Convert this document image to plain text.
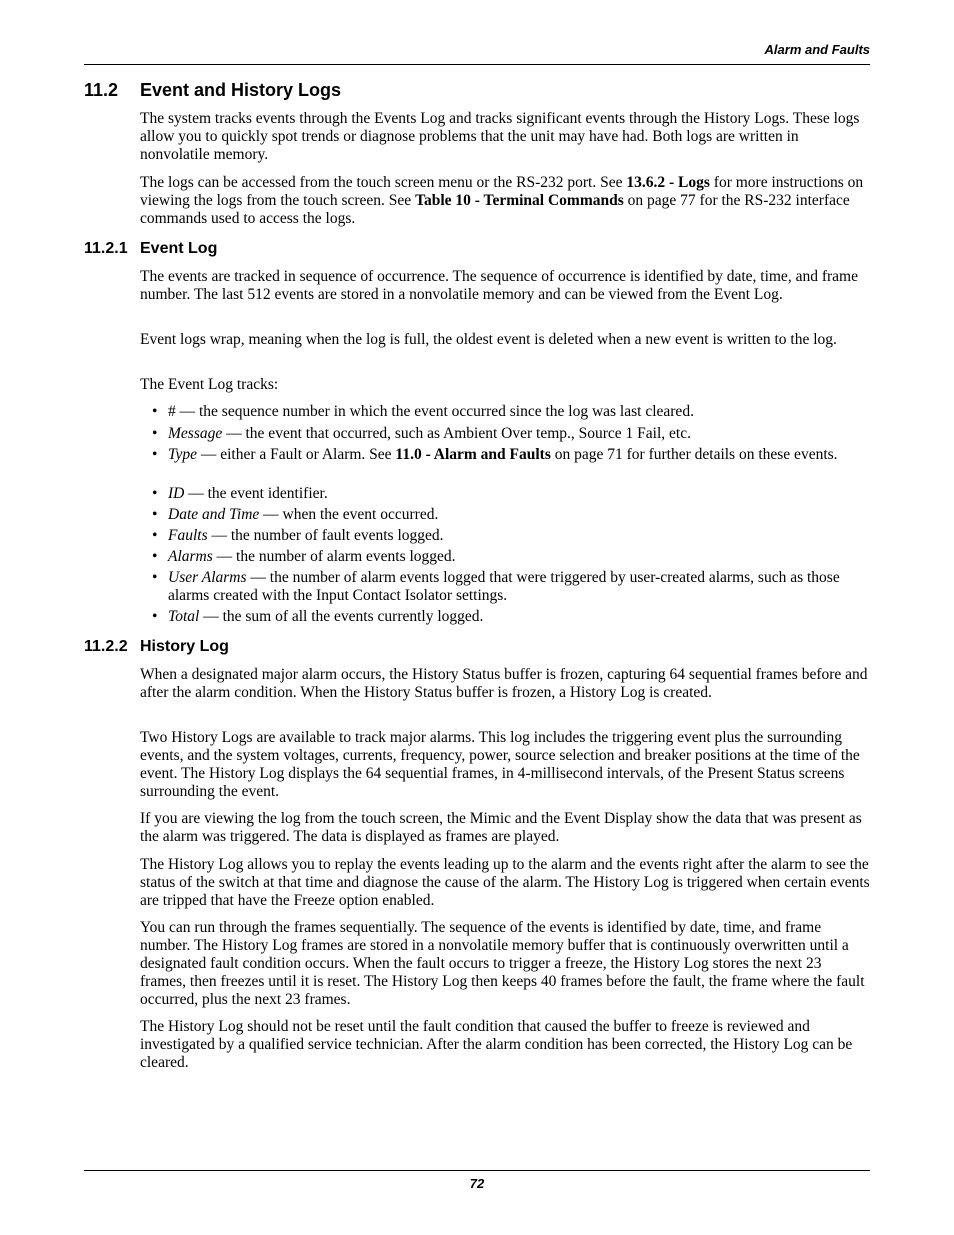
Alarm and Faults
11.2 Event and History Logs

The system tracks events through the Events Log and tracks significant events through the History Logs. These logs allow you to quickly spot trends or diagnose problems that the unit may have had. Both logs are written in nonvolatile memory.

The logs can be accessed from the touch screen menu or the RS-232 port. See 13.6.2 - Logs for more instructions on viewing the logs from the touch screen. See Table 10 - Terminal Commands on page 77 for the RS-232 interface commands used to access the logs.

11.2.1 Event Log

The events are tracked in sequence of occurrence. The sequence of occurrence is identified by date, time, and frame number. The last 512 events are stored in a nonvolatile memory and can be viewed from the Event Log.

Event logs wrap, meaning when the log is full, the oldest event is deleted when a new event is written to the log.

The Event Log tracks:

• # — the sequence number in which the event occurred since the log was last cleared.
• Message — the event that occurred, such as Ambient Over temp., Source 1 Fail, etc.
• Type — either a Fault or Alarm. See 11.0 - Alarm and Faults on page 71 for further details on these events.
• ID — the event identifier.
• Date and Time — when the event occurred.
• Faults — the number of fault events logged.
• Alarms — the number of alarm events logged.
• User Alarms — the number of alarm events logged that were triggered by user-created alarms, such as those alarms created with the Input Contact Isolator settings.
• Total — the sum of all the events currently logged.
11.2.2 History Log

When a designated major alarm occurs, the History Status buffer is frozen, capturing 64 sequential frames before and after the alarm condition. When the History Status buffer is frozen, a History Log is created.

Two History Logs are available to track major alarms. This log includes the triggering event plus the surrounding events, and the system voltages, currents, frequency, power, source selection and breaker positions at the time of the event. The History Log displays the 64 sequential frames, in 4-millisecond intervals, of the Present Status screens surrounding the event.

If you are viewing the log from the touch screen, the Mimic and the Event Display show the data that was present as the alarm was triggered. The data is displayed as frames are played.

The History Log allows you to replay the events leading up to the alarm and the events right after the alarm to see the status of the switch at that time and diagnose the cause of the alarm. The History Log is triggered when certain events are tripped that have the Freeze option enabled.

You can run through the frames sequentially. The sequence of the events is identified by date, time, and frame number. The History Log frames are stored in a nonvolatile memory buffer that is continuously overwritten until a designated fault condition occurs. When the fault occurs to trigger a freeze, the History Log stores the next 23 frames, then freezes until it is reset. The History Log then keeps 40 frames before the fault, the frame where the fault occurred, plus the next 23 frames.

The History Log should not be reset until the fault condition that caused the buffer to freeze is reviewed and investigated by a qualified service technician. After the alarm condition has been corrected, the History Log can be cleared.

72
